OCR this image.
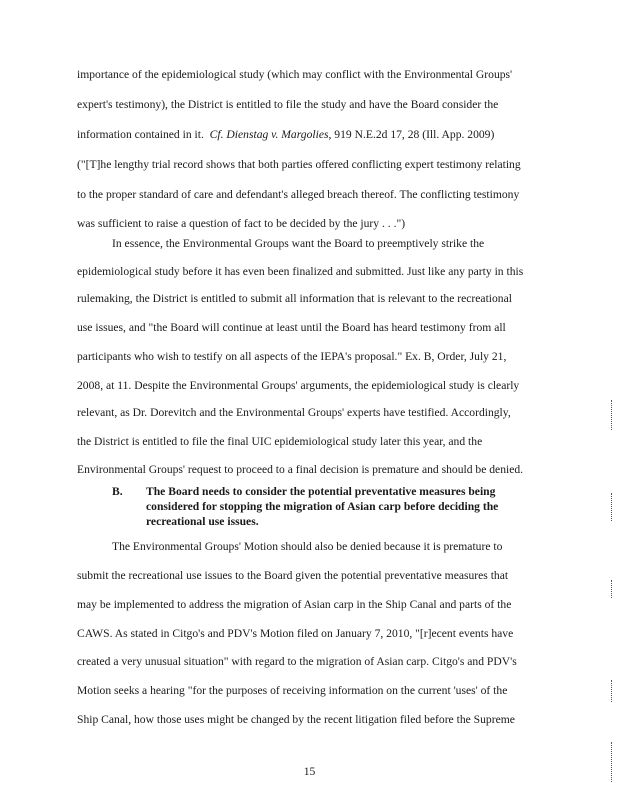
importance of the epidemiological study (which may conflict with the Environmental Groups'
expert's testimony), the District is entitled to file the study and have the Board consider the
information contained in it. Cf. Dienstag v. Margolies, 919 N.E.2d 17, 28 (Ill. App. 2009)
("[T]he lengthy trial record shows that both parties offered conflicting expert testimony relating
to the proper standard of care and defendant's alleged breach thereof. The conflicting testimony
was sufficient to raise a question of fact to be decided by the jury . . .")
In essence, the Environmental Groups want the Board to preemptively strike the
epidemiological study before it has even been finalized and submitted. Just like any party in this
rulemaking, the District is entitled to submit all information that is relevant to the recreational
use issues, and "the Board will continue at least until the Board has heard testimony from all
participants who wish to testify on all aspects of the IEPA's proposal." Ex. B, Order, July 21,
2008, at 11. Despite the Environmental Groups' arguments, the epidemiological study is clearly
relevant, as Dr. Dorevitch and the Environmental Groups' experts have testified. Accordingly,
the District is entitled to file the final UIC epidemiological study later this year, and the
Environmental Groups' request to proceed to a final decision is premature and should be denied.
B. The Board needs to consider the potential preventative measures being
considered for stopping the migration of Asian carp before deciding the
recreational use issues.
The Environmental Groups' Motion should also be denied because it is premature to
submit the recreational use issues to the Board given the potential preventative measures that
may be implemented to address the migration of Asian carp in the Ship Canal and parts of the
CAWS. As stated in Citgo's and PDV's Motion filed on January 7, 2010, "[r]ecent events have
created a very unusual situation" with regard to the migration of Asian carp. Citgo's and PDV's
Motion seeks a hearing "for the purposes of receiving information on the current 'uses' of the
Ship Canal, how those uses might be changed by the recent litigation filed before the Supreme
15
